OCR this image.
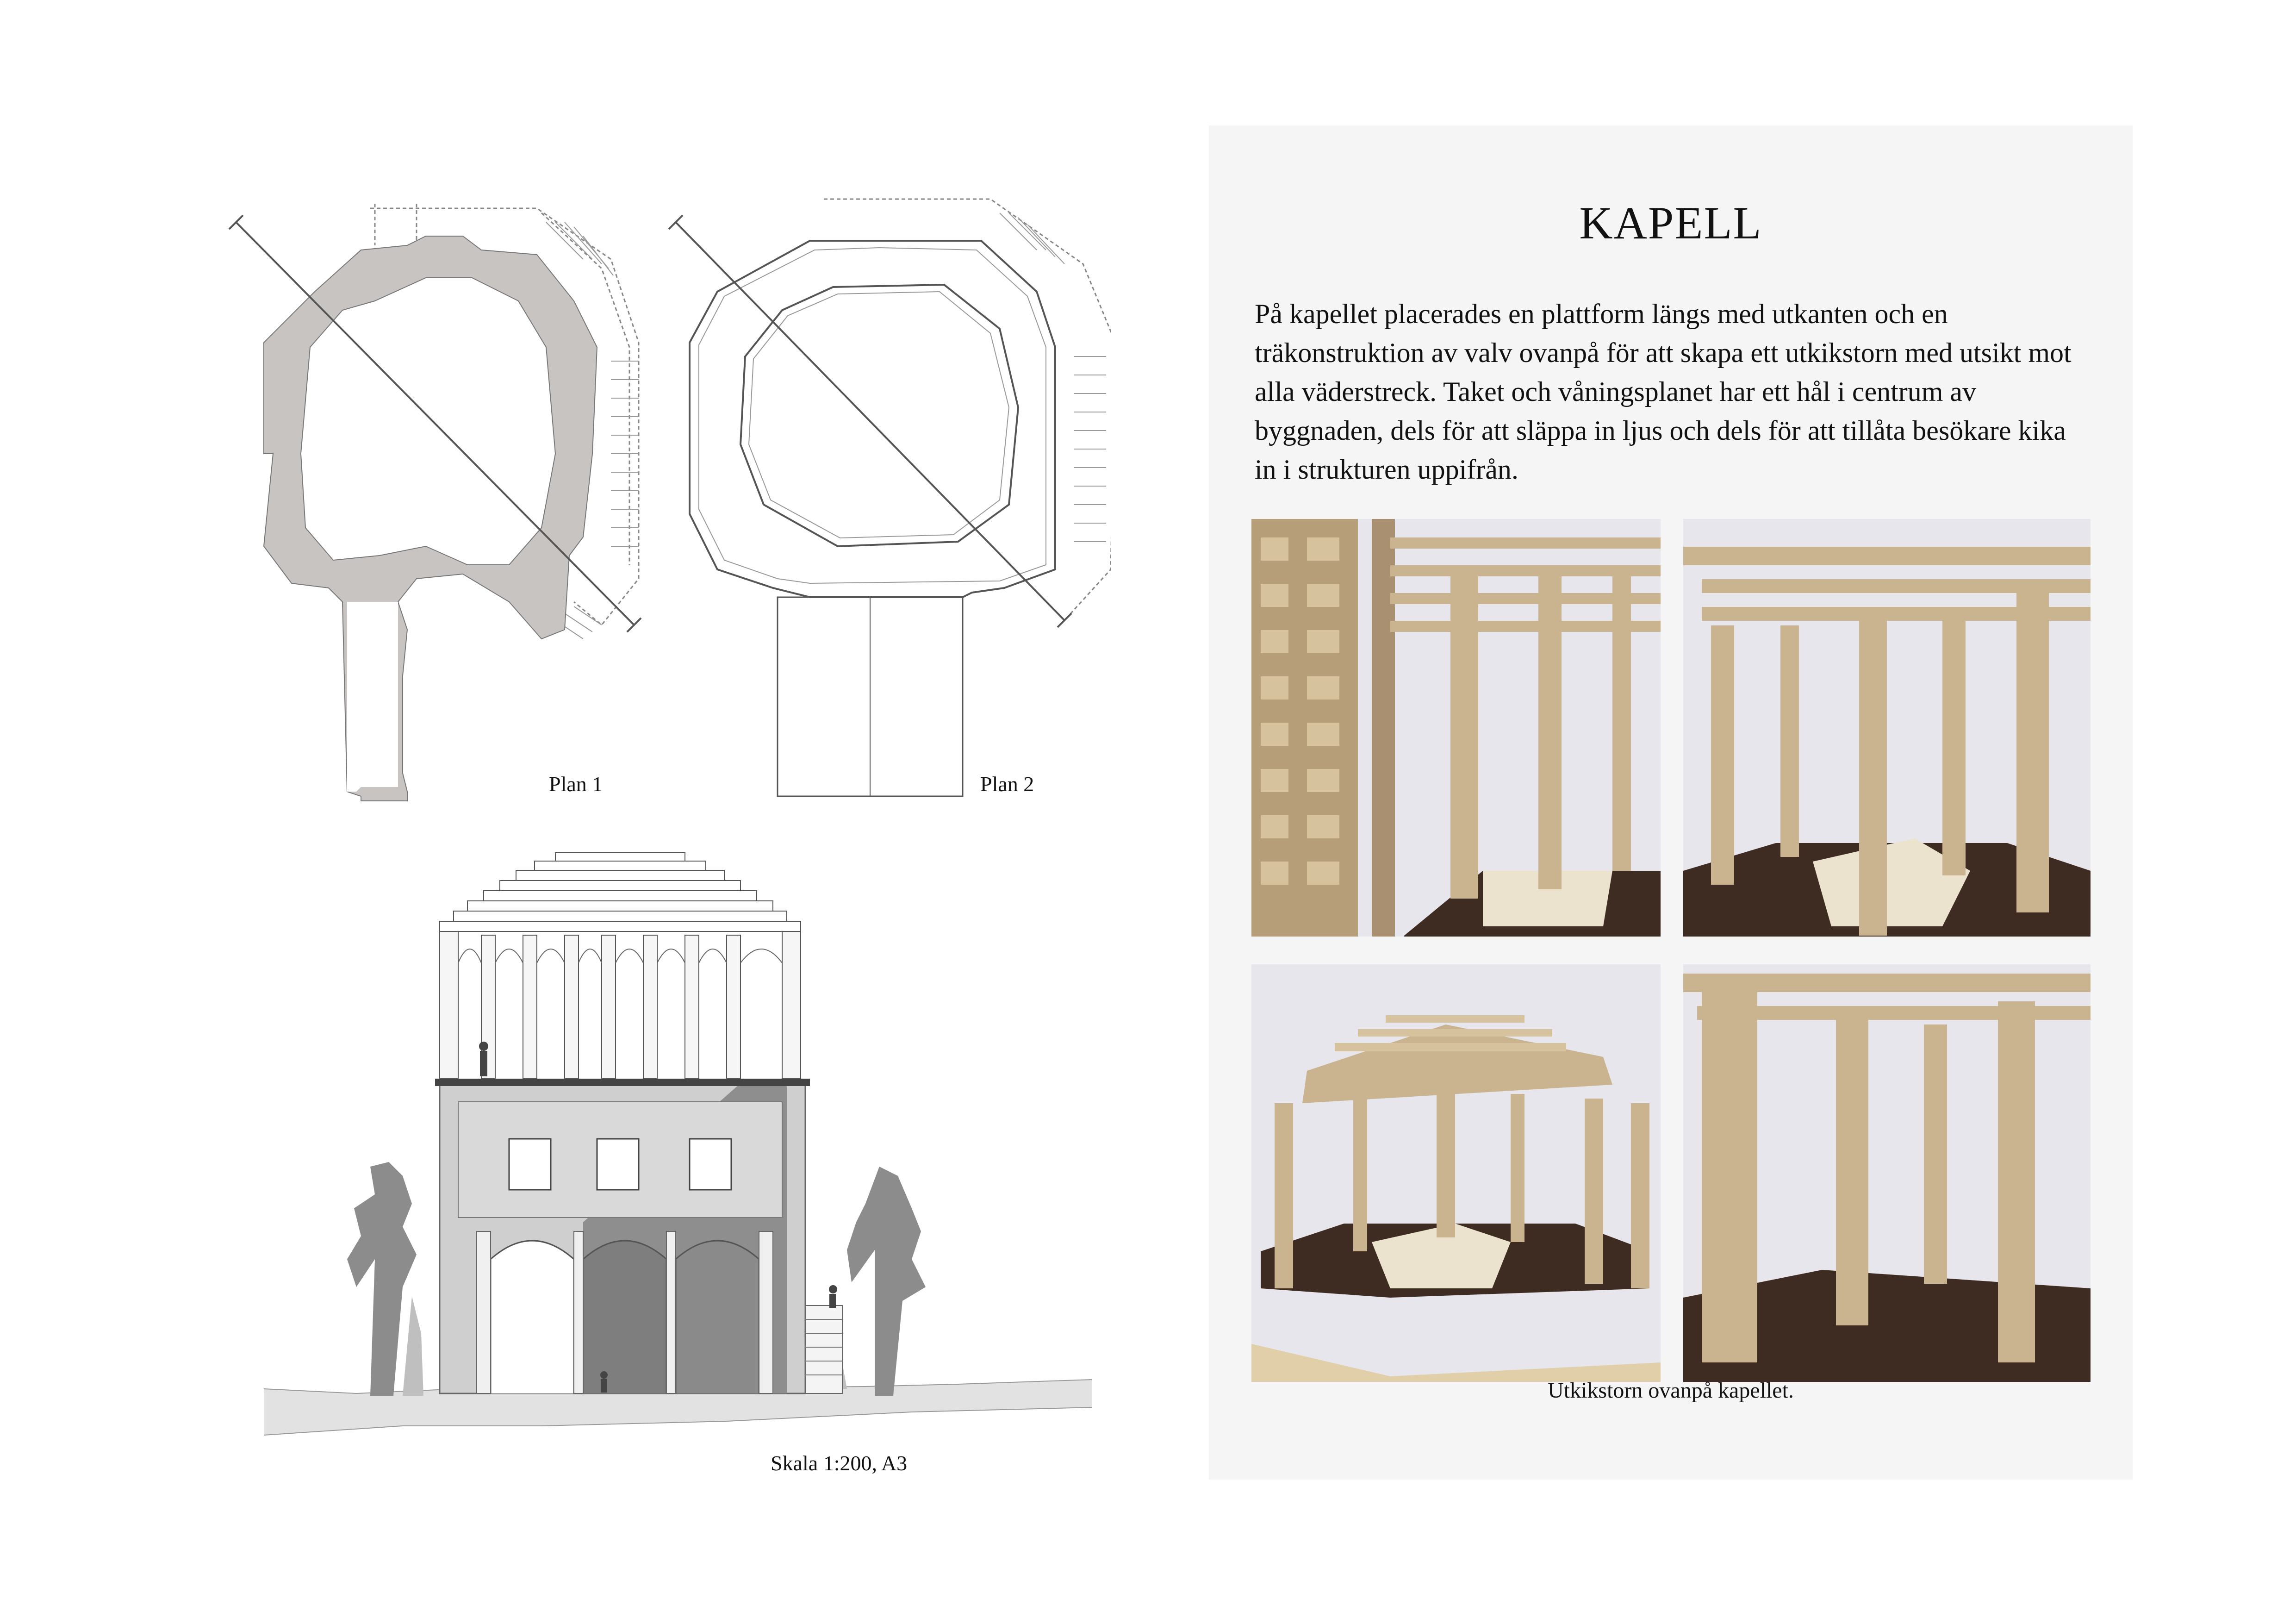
Plan 1	Plan 2
Skala 1:200, A3
KAPELL
På kapellet placerades en plattform längs med utkanten och en träkonstruktion av valv ovanpå för att skapa ett utkikstorn med utsikt mot alla väderstreck. Taket och våningsplanet har ett hål i centrum av byggnaden, dels för att släppa in ljus och dels för att tillåta besökare kika in i strukturen uppifrån.
Utkikstorn ovanpå kapellet.
